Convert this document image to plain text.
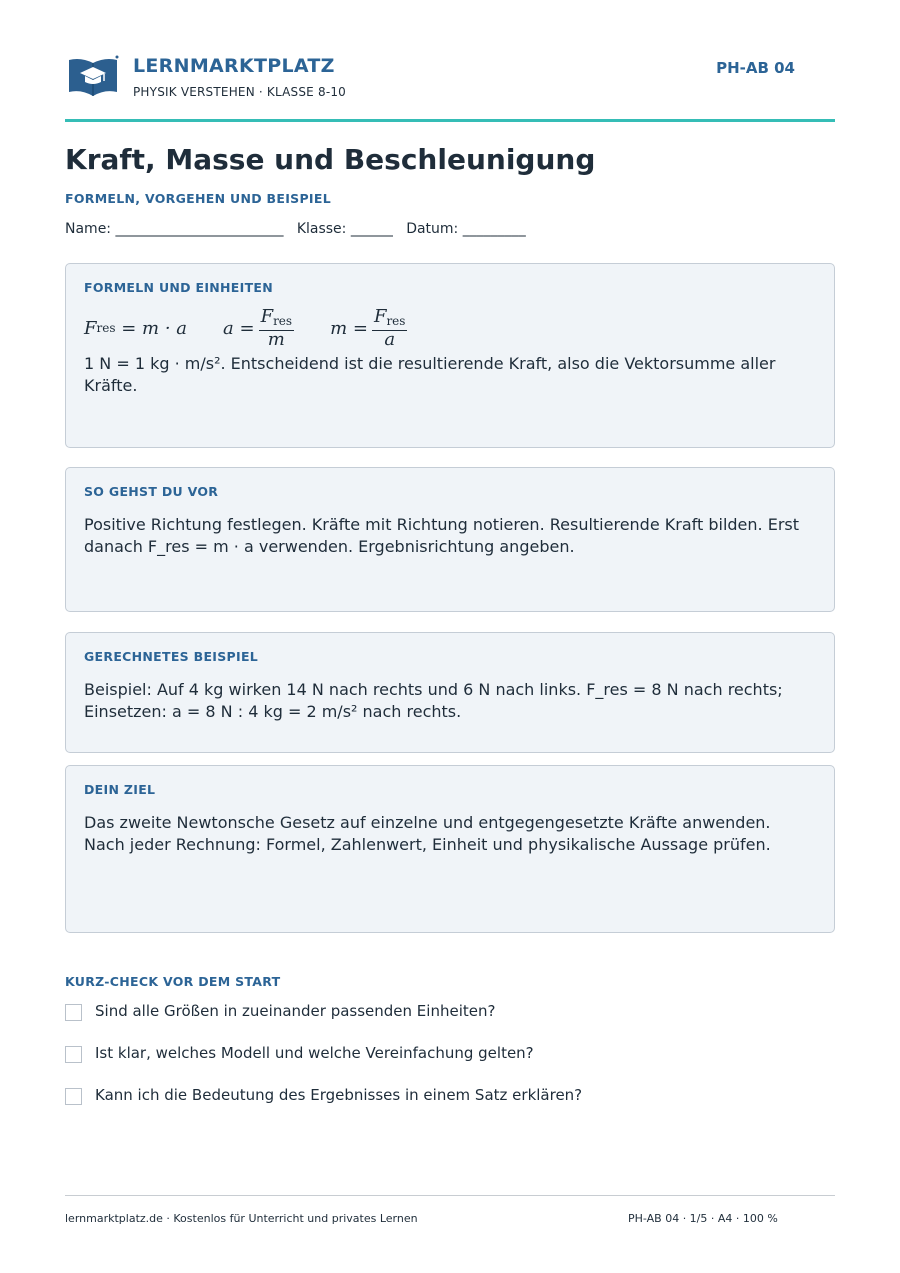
LERNMARKTPLATZ
PHYSIK VERSTEHEN · KLASSE 8-10
PH-AB 04
Kraft, Masse und Beschleunigung
FORMELN, VORGEHEN UND BEISPIEL
Name: ________________________   Klasse: ______   Datum: _________
FORMELN UND EINHEITEN
F res
= m · a $a = \frac{F_{res}}{m}$ $m = \frac{F_{res}}{a}$
1 N = 1 kg · m/s². Entscheidend ist die resultierende Kraft, also die Vektorsumme aller Kräfte.
SO GEHST DU VOR
Positive Richtung festlegen. Kräfte mit Richtung notieren. Resultierende Kraft bilden. Erst danach F_res = m · a verwenden. Ergebnisrichtung angeben.
GERECHNETES BEISPIEL
Beispiel: Auf 4 kg wirken 14 N nach rechts und 6 N nach links. F_res = 8 N nach rechts; Einsetzen: a = 8 N : 4 kg = 2 m/s² nach rechts.
DEIN ZIEL
Das zweite Newtonsche Gesetz auf einzelne und entgegengesetzte Kräfte anwenden. Nach jeder Rechnung: Formel, Zahlenwert, Einheit und physikalische Aussage prüfen.
KURZ-CHECK VOR DEM START
Sind alle Größen in zueinander passenden Einheiten?
Ist klar, welches Modell und welche Vereinfachung gelten?
Kann ich die Bedeutung des Ergebnisses in einem Satz erklären?
lernmarktplatz.de · Kostenlos für Unterricht und privates Lernen	PH-AB 04 · 1/5 · A4 · 100 %
